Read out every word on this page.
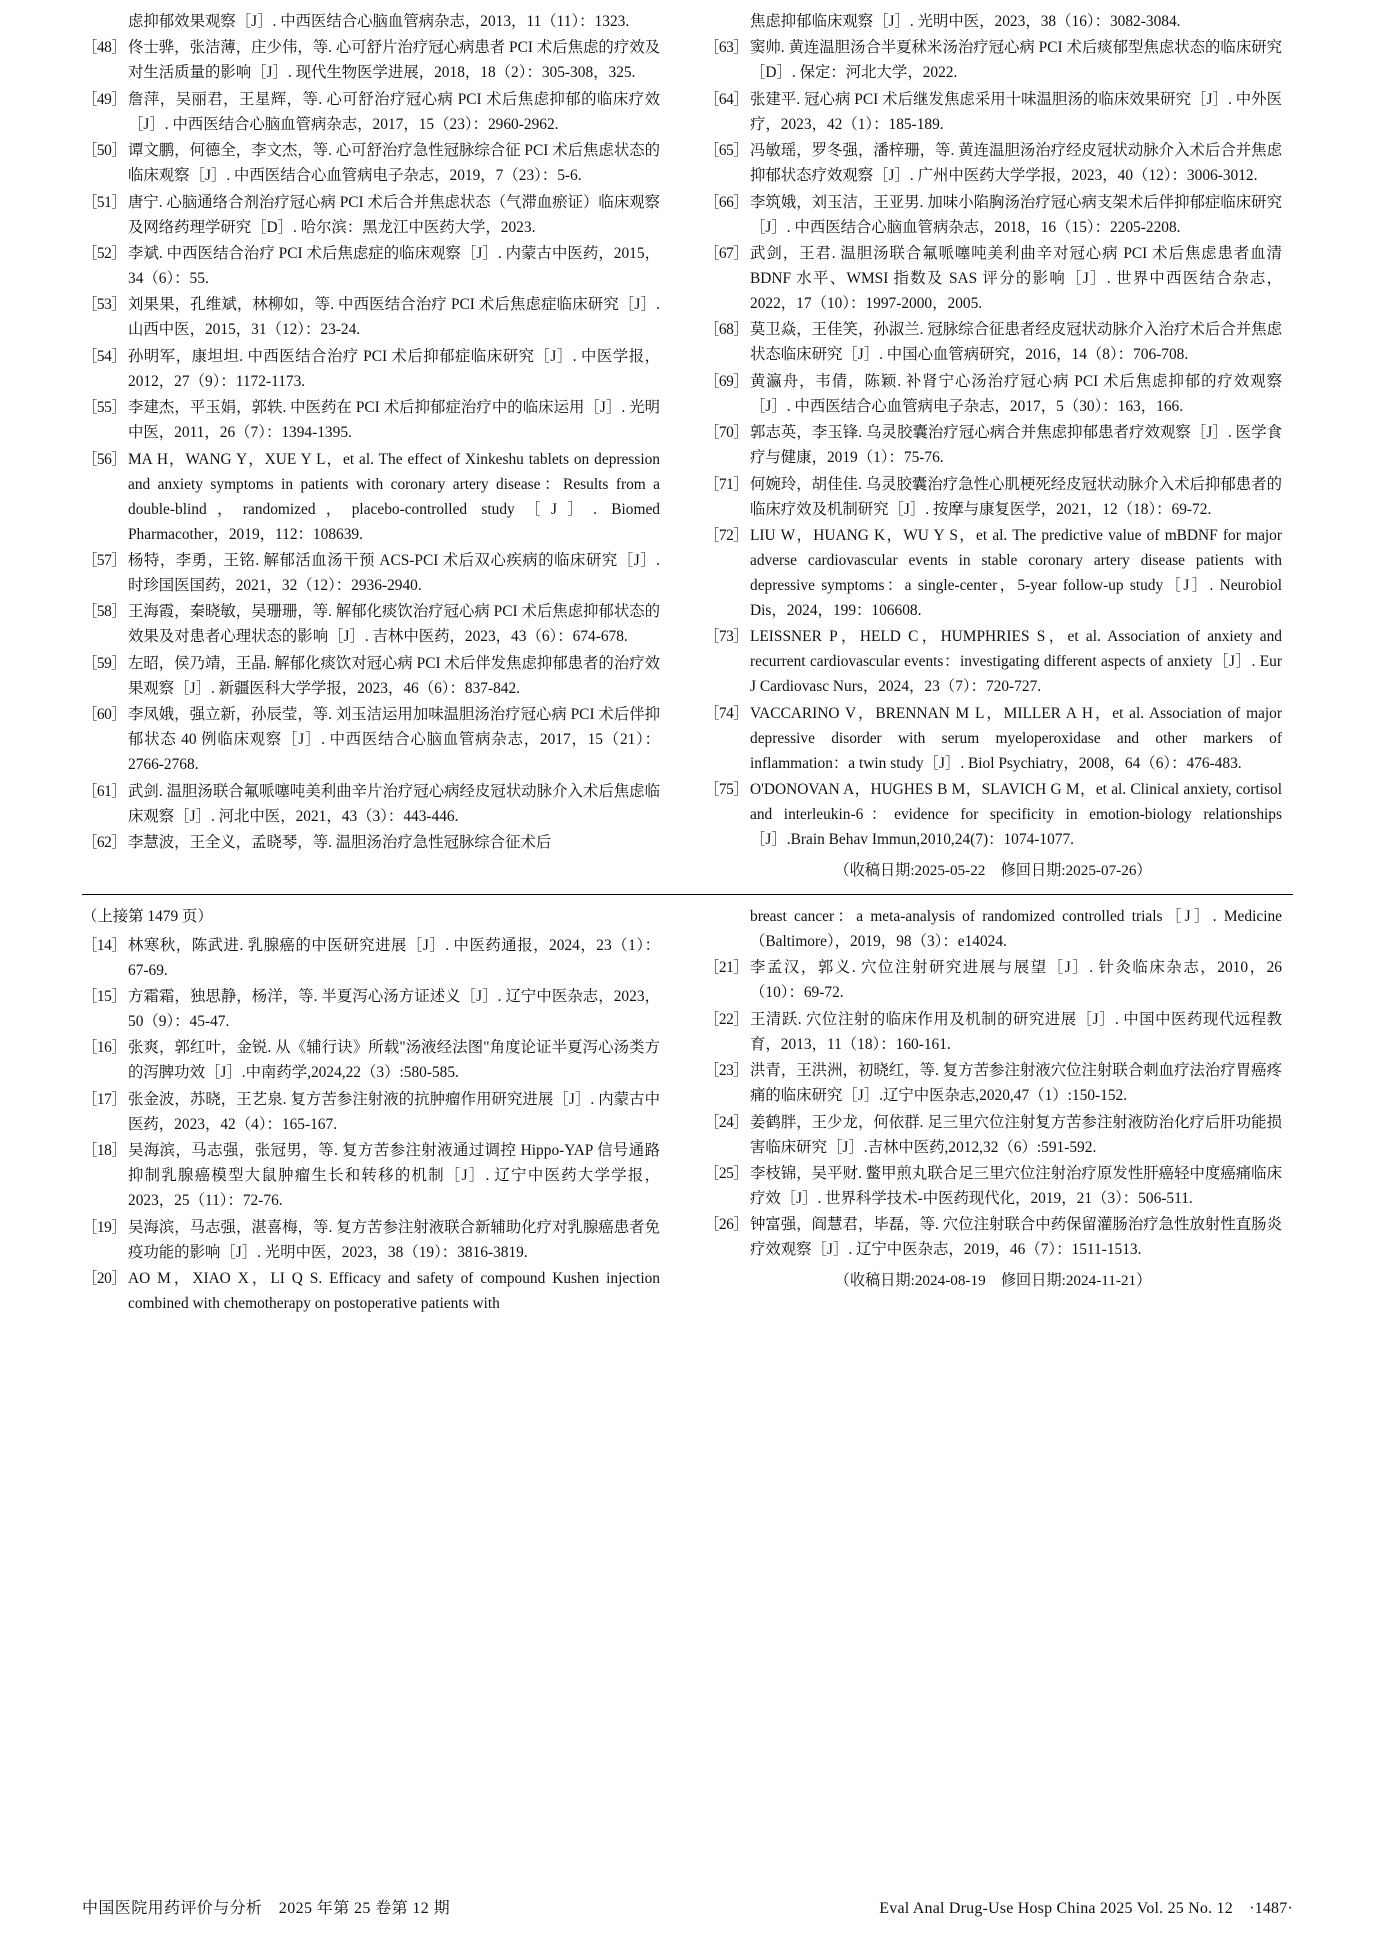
虑抑郁效果观察［J］. 中西医结合心脑血管病杂志，2013，11（11）：1323.
［48］ 佟士骅，张洁薄，庄少伟，等. 心可舒片治疗冠心病患者 PCI 术后焦虑的疗效及对生活质量的影响［J］. 现代生物医学进展，2018，18（2）：305-308，325.
［49］ 詹萍，吴丽君，王星辉，等. 心可舒治疗冠心病 PCI 术后焦虑抑郁的临床疗效［J］. 中西医结合心脑血管病杂志，2017，15（23）：2960-2962.
［50］ 谭文鹏，何德全，李文杰，等. 心可舒治疗急性冠脉综合征 PCI 术后焦虑状态的临床观察［J］. 中西医结合心血管病电子杂志，2019，7（23）：5-6.
［51］ 唐宁. 心脑通络合剂治疗冠心病 PCI 术后合并焦虑状态（气滞血瘀证）临床观察及网络药理学研究［D］. 哈尔滨：黑龙江中医药大学，2023.
［52］ 李斌. 中西医结合治疗 PCI 术后焦虑症的临床观察［J］. 内蒙古中医药，2015，34（6）：55.
［53］ 刘果果，孔维斌，林柳如，等. 中西医结合治疗 PCI 术后焦虑症临床研究［J］. 山西中医，2015，31（12）：23-24.
［54］ 孙明军，康坦坦. 中西医结合治疗 PCI 术后抑郁症临床研究［J］. 中医学报，2012，27（9）：1172-1173.
［55］ 李建杰，平玉娟，郭轶. 中医药在 PCI 术后抑郁症治疗中的临床运用［J］. 光明中医，2011，26（7）：1394-1395.
［56］ MA H，WANG Y，XUE Y L，et al. The effect of Xinkeshu tablets on depression and anxiety symptoms in patients with coronary artery disease：Results from a double-blind，randomized，placebo-controlled study［J］. Biomed Pharmacother，2019，112：108639.
［57］ 杨特，李勇，王铭. 解郁活血汤干预 ACS-PCI 术后双心疾病的临床研究［J］. 时珍国医国药，2021，32（12）：2936-2940.
［58］ 王海霞，秦晓敏，吴珊珊，等. 解郁化痰饮治疗冠心病 PCI 术后焦虑抑郁状态的效果及对患者心理状态的影响［J］. 吉林中医药，2023，43（6）：674-678.
［59］ 左昭，侯乃靖，王晶. 解郁化痰饮对冠心病 PCI 术后伴发焦虑抑郁患者的治疗效果观察［J］. 新疆医科大学学报，2023，46（6）：837-842.
［60］ 李凤娥，强立新，孙辰莹，等. 刘玉洁运用加味温胆汤治疗冠心病 PCI 术后伴抑郁状态 40 例临床观察［J］. 中西医结合心脑血管病杂志，2017，15（21）：2766-2768.
［61］ 武剑. 温胆汤联合氟哌噻吨美利曲辛片治疗冠心病经皮冠状动脉介入术后焦虑临床观察［J］. 河北中医，2021，43（3）：443-446.
［62］ 李慧波，王全义，孟晓琴，等. 温胆汤治疗急性冠脉综合征术后
焦虑抑郁临床观察［J］. 光明中医，2023，38（16）：3082-3084.
［63］ 窦帅. 黄连温胆汤合半夏秫米汤治疗冠心病 PCI 术后痰郁型焦虑状态的临床研究［D］. 保定：河北大学，2022.
［64］ 张建平. 冠心病 PCI 术后继发焦虑采用十味温胆汤的临床效果研究［J］. 中外医疗，2023，42（1）：185-189.
［65］ 冯敏瑶，罗冬强，潘梓珊，等. 黄连温胆汤治疗经皮冠状动脉介入术后合并焦虑抑郁状态疗效观察［J］. 广州中医药大学学报，2023，40（12）：3006-3012.
［66］ 李筑娥，刘玉洁，王亚男. 加味小陷胸汤治疗冠心病支架术后伴抑郁症临床研究［J］. 中西医结合心脑血管病杂志，2018，16（15）：2205-2208.
［67］ 武剑，王君. 温胆汤联合氟哌噻吨美利曲辛对冠心病 PCI 术后焦虑患者血清 BDNF 水平、WMSI 指数及 SAS 评分的影响［J］. 世界中西医结合杂志，2022，17（10）：1997-2000，2005.
［68］ 莫卫焱，王佳笑，孙淑兰. 冠脉综合征患者经皮冠状动脉介入治疗术后合并焦虑状态临床研究［J］. 中国心血管病研究，2016，14（8）：706-708.
［69］ 黄瀛舟，韦倩，陈颖. 补肾宁心汤治疗冠心病 PCI 术后焦虑抑郁的疗效观察［J］. 中西医结合心血管病电子杂志，2017，5（30）：163，166.
［70］ 郭志英，李玉锋. 乌灵胶囊治疗冠心病合并焦虑抑郁患者疗效观察［J］. 医学食疗与健康，2019（1）：75-76.
［71］ 何婉玲，胡佳佳. 乌灵胶囊治疗急性心肌梗死经皮冠状动脉介入术后抑郁患者的临床疗效及机制研究［J］. 按摩与康复医学，2021，12（18）：69-72.
［72］ LIU W，HUANG K，WU Y S，et al. The predictive value of mBDNF for major adverse cardiovascular events in stable coronary artery disease patients with depressive symptoms：a single-center，5-year follow-up study［J］. Neurobiol Dis，2024，199：106608.
［73］ LEISSNER P，HELD C，HUMPHRIES S，et al. Association of anxiety and recurrent cardiovascular events：investigating different aspects of anxiety［J］. Eur J Cardiovasc Nurs，2024，23（7）：720-727.
［74］ VACCARINO V，BRENNAN M L，MILLER A H，et al. Association of major depressive disorder with serum myeloperoxidase and other markers of inflammation：a twin study［J］. Biol Psychiatry，2008，64（6）：476-483.
［75］ O'DONOVAN A，HUGHES B M，SLAVICH G M，et al. Clinical anxiety, cortisol and interleukin-6：evidence for specificity in emotion-biology relationships［J］.Brain Behav Immun,2010,24(7)：1074-1077.
（收稿日期:2025-05-22　修回日期:2025-07-26）
（上接第 1479 页）
［14］ 林寒秋，陈武进. 乳腺癌的中医研究进展［J］. 中医药通报，2024，23（1）：67-69.
［15］ 方霜霜，独思静，杨洋，等. 半夏泻心汤方证述义［J］. 辽宁中医杂志，2023，50（9）：45-47.
［16］ 张爽，郭红叶，金锐. 从《辅行诀》所载"汤液经法图"角度论证半夏泻心汤类方的泻脾功效［J］.中南药学,2024,22（3）:580-585.
［17］ 张金波，苏晓，王艺泉. 复方苦参注射液的抗肿瘤作用研究进展［J］. 内蒙古中医药，2023，42（4）：165-167.
［18］ 吴海滨，马志强，张冠男，等. 复方苦参注射液通过调控 Hippo-YAP 信号通路抑制乳腺癌模型大鼠肿瘤生长和转移的机制［J］. 辽宁中医药大学学报，2023，25（11）：72-76.
［19］ 吴海滨，马志强，湛喜梅，等. 复方苦参注射液联合新辅助化疗对乳腺癌患者免疫功能的影响［J］. 光明中医，2023，38（19）：3816-3819.
［20］ AO M，XIAO X，LI Q S. Efficacy and safety of compound Kushen injection combined with chemotherapy on postoperative patients with
breast cancer：a meta-analysis of randomized controlled trials［J］. Medicine（Baltimore），2019，98（3）：e14024.
［21］ 李孟汉，郭义. 穴位注射研究进展与展望［J］. 针灸临床杂志，2010，26（10）：69-72.
［22］ 王清跃. 穴位注射的临床作用及机制的研究进展［J］. 中国中医药现代远程教育，2013，11（18）：160-161.
［23］ 洪青，王洪洲，初晓红，等. 复方苦参注射液穴位注射联合刺血疗法治疗胃癌疼痛的临床研究［J］.辽宁中医杂志,2020,47（1）:150-152.
［24］ 姜鹤胖，王少龙，何依群. 足三里穴位注射复方苦参注射液防治化疗后肝功能损害临床研究［J］.吉林中医药,2012,32（6）:591-592.
［25］ 李枝锦，吴平财. 鳖甲煎丸联合足三里穴位注射治疗原发性肝癌轻中度癌痛临床疗效［J］. 世界科学技术-中医药现代化，2019，21（3）：506-511.
［26］ 钟富强，阎慧君，毕磊，等. 穴位注射联合中药保留灌肠治疗急性放射性直肠炎疗效观察［J］. 辽宁中医杂志，2019，46（7）：1511-1513.
（收稿日期:2024-08-19　修回日期:2024-11-21）
中国医院用药评价与分析　2025 年第 25 卷第 12 期	Eval Anal Drug-Use Hosp China 2025 Vol. 25 No. 12　·1487·
